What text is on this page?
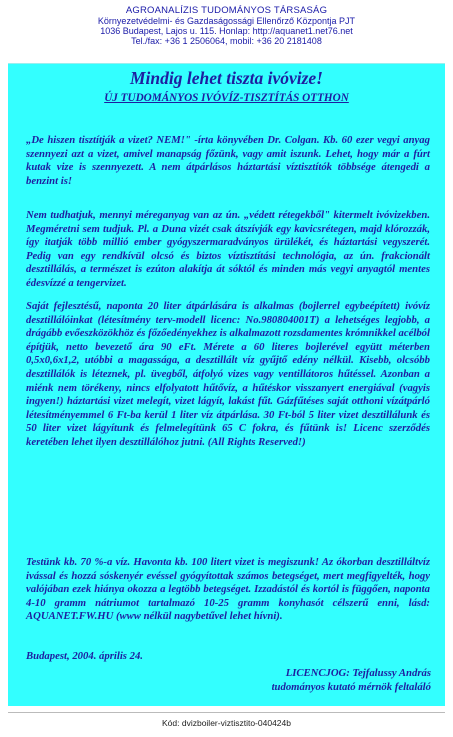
AGROANALÍZIS TUDOMÁNYOS TÁRSASÁG
Környezetvédelmi- és Gazdaságossági Ellenőrző Központja PJT
1036 Budapest, Lajos u. 115. Honlap: http://aquanet1.net76.net
Tel./fax: +36 1 2506064, mobil: +36 20 2181408
Mindig lehet tiszta ivóvize!
ÚJ TUDOMÁNYOS IVÓVÍZ-TISZTÍTÁS OTTHON

„De hiszen tisztítják a vizet? NEM!" -írta könyvében Dr. Colgan. Kb. 60 ezer vegyi anyag szennyezi azt a vizet, amivel manapság főzünk, vagy amit iszunk. Lehet, hogy már a fúrt kutak vize is szennyezett. A nem átpárlásos háztartási víztisztítók többsége átengedi a benzint is!

Nem tudhatjuk, mennyi méreganyag van az ún. „védett rétegekből" kitermelt ivóvizekben. Megméretni sem tudjuk. Pl. a Duna vizét csak átszívják egy kavicsrétegen, majd klórozzák, így itatják több millió ember gyógyszermaradványos ürülékét, és háztartási vegyszerét. Pedig van egy rendkívül olcsó és biztos víztisztítási technológia, az ún. frakcionált desztillálás, a természet is ezúton alakítja át sóktól és minden más vegyi anyagtól mentes édesvízzé a tengervizet.

Saját fejlesztésű, naponta 20 liter átpárlására is alkalmas (bojlerrel egybeépített) ivóvíz desztillálóinkat (létesítmény terv-modell licenc: No.980804001T) a lehetséges legjobb, a drágább evőeszközökhöz és főzőedényekhez is alkalmazott rozsdamentes krómnikkel acélból építjük, netto bevezető ára 90 eFt. Mérete a 60 literes bojlerével együtt méterben 0,5x0,6x1,2, utóbbi a magassága, a desztillált víz gyűjtő edény nélkül. Kisebb, olcsóbb desztillálók is léteznek, pl. üvegből, átfolyó vizes vagy ventillátoros hűtéssel. Azonban a miénk nem törékeny, nincs elfolyatott hűtővíz, a hűtéskor visszanyert energiával (vagyis ingyen!) háztartási vizet melegít, vizet lágyít, lakást fűt. Gázfűtéses saját otthoni vízátpárló létesítményemmel 6 Ft-ba kerül 1 liter víz átpárlása. 30 Ft-ból 5 liter vizet desztillálunk és 50 liter vizet lágyítunk és felmelegítünk 65 C fokra, és fűtünk is! Licenc szerződés keretében lehet ilyen desztillálóhoz jutni. (All Rights Reserved!)

Testünk kb. 70 %-a víz. Havonta kb. 100 litert vizet is megiszunk! Az ókorban desztilláltvíz ivással és hozzá sóskenyér evéssel gyógyítottak számos betegséget, mert megfigyelték, hogy valójában ezek hiánya okozza a legtöbb betegséget. Izzadástól és kortól is függően, naponta 4-10 gramm nátriumot tartalmazó 10-25 gramm konyhasót célszerű enni, lásd: AQUANET.FW.HU (www nélkül nagybetűvel lehet hívni).

Budapest, 2004. április 24.
LICENCJOG: Tejfalussy András
tudományos kutató mérnök feltaláló
Kód: dvizboiler-viztisztito-040424b
